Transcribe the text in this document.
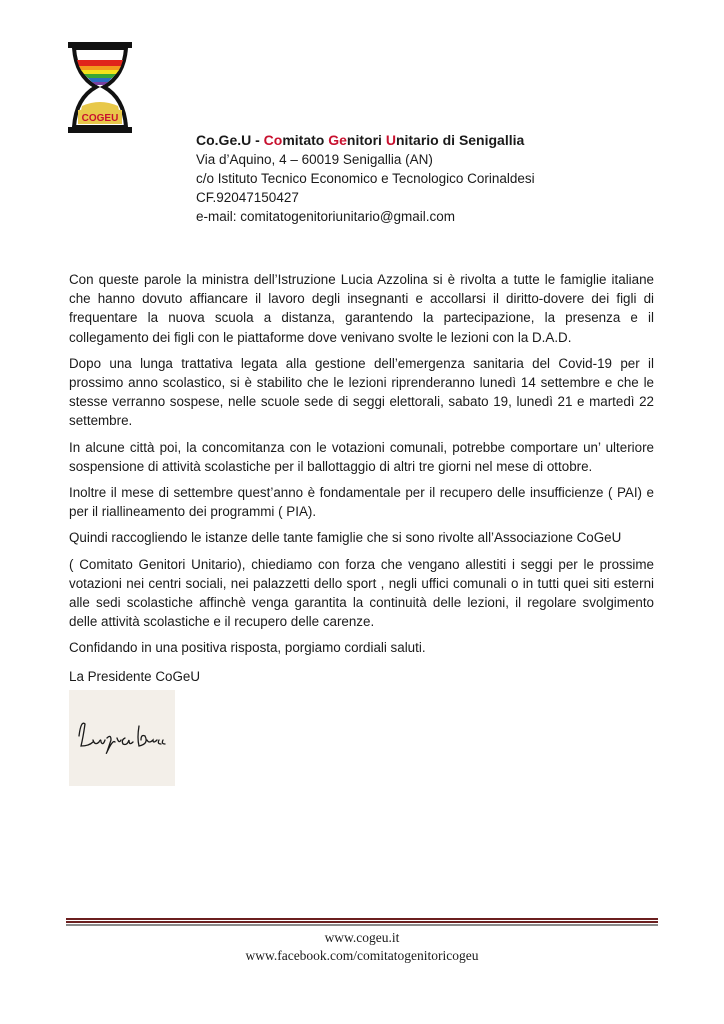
COGEU
Co.Ge.U - Comitato Genitori Unitario di Senigallia
Via d’Aquino, 4 – 60019 Senigallia (AN)
c/o Istituto Tecnico Economico e Tecnologico Corinaldesi
CF.92047150427
e-mail: comitatogenitoriunitario@gmail.com

Con queste parole la ministra dell’Istruzione Lucia Azzolina si è rivolta a tutte le famiglie italiane che hanno dovuto affiancare il lavoro degli insegnanti e accollarsi il diritto-dovere dei figli di frequentare la nuova scuola a distanza, garantendo la partecipazione, la presenza e il collegamento dei figli con le piattaforme dove venivano svolte le lezioni con la D.A.D.

Dopo una lunga trattativa legata alla gestione dell’emergenza sanitaria del Covid-19 per il prossimo anno scolastico, si è stabilito che le lezioni riprenderanno lunedì 14 settembre e che le stesse verranno sospese, nelle scuole sede di seggi elettorali, sabato 19, lunedì 21 e martedì 22 settembre.

In alcune città poi, la concomitanza con le votazioni comunali, potrebbe comportare un’ ulteriore sospensione di attività scolastiche per il ballottaggio di altri tre giorni nel mese di ottobre.

Inoltre il mese di settembre quest’anno è fondamentale per il recupero delle insufficienze ( PAI) e per il riallineamento dei programmi ( PIA).

Quindi raccogliendo le istanze delle tante famiglie che si sono rivolte all’Associazione CoGeU

( Comitato Genitori Unitario), chiediamo con forza che vengano allestiti i seggi per le prossime votazioni nei centri sociali, nei palazzetti dello sport , negli uffici comunali o in tutti quei siti esterni alle sedi scolastiche affinchè venga garantita la continuità delle lezioni, il regolare svolgimento delle attività scolastiche e il recupero delle carenze.

Confidando in una positiva risposta, porgiamo cordiali saluti.

La Presidente CoGeU
www.cogeu.it
www.facebook.com/comitatogenitoricogeu
